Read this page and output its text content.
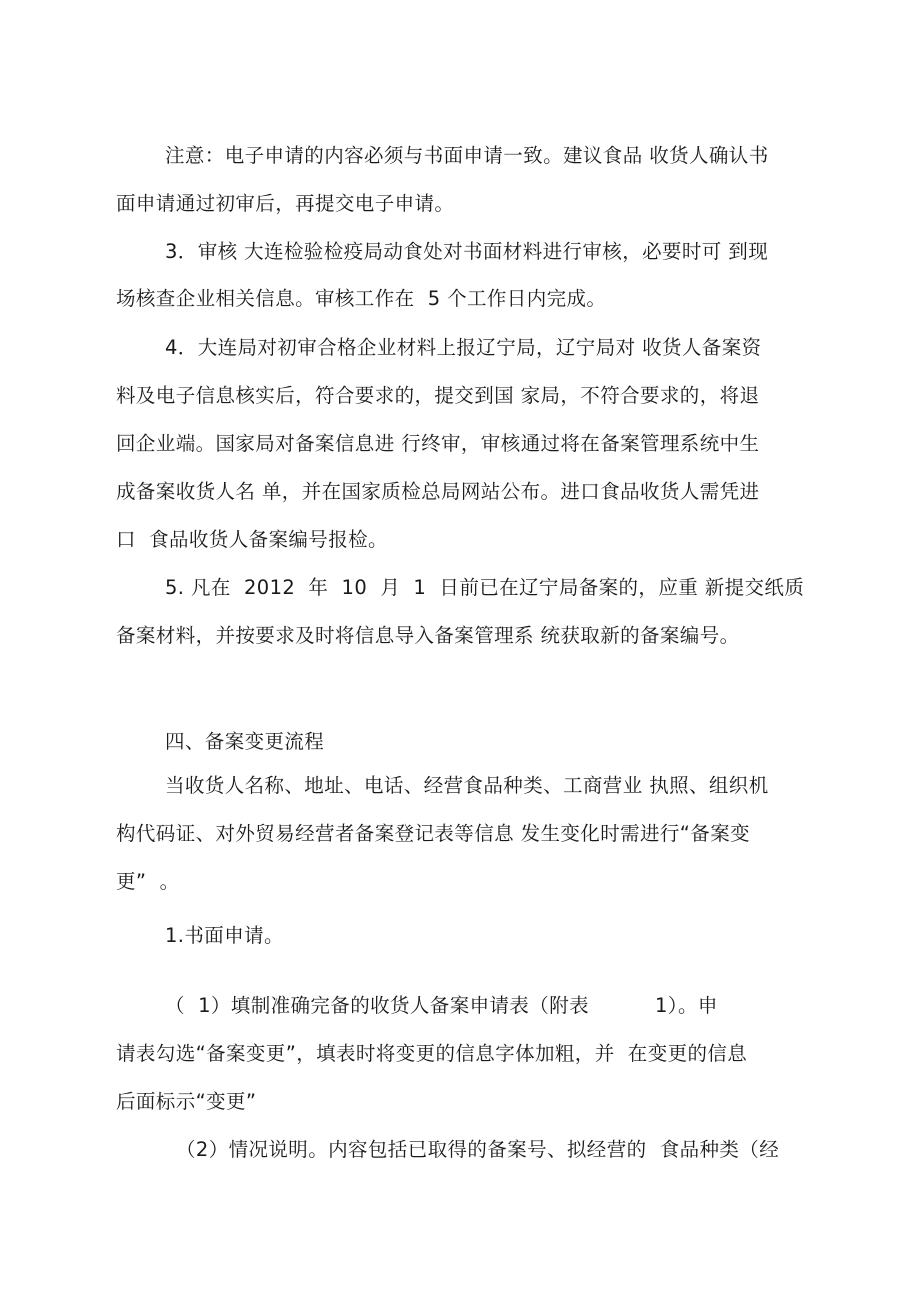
注意：电子申请的内容必须与书面申请一致。建议食品 收货人确认书
面申请通过初审后，再提交电子申请。
3．审核 大连检验检疫局动食处对书面材料进行审核，必要时可 到现
场核查企业相关信息。审核工作在  5 个工作日内完成。
4．大连局对初审合格企业材料上报辽宁局，辽宁局对 收货人备案资
料及电子信息核实后，符合要求的，提交到国 家局，不符合要求的，将退
回企业端。国家局对备案信息进 行终审，审核通过将在备案管理系统中生
成备案收货人名 单，并在国家质检总局网站公布。进口食品收货人需凭进
口  食品收货人备案编号报检。
5. 凡在  2012  年  10  月  1  日前已在辽宁局备案的，应重 新提交纸质
备案材料，并按要求及时将信息导入备案管理系 统获取新的备案编号。
四、备案变更流程
当收货人名称、地址、电话、经营食品种类、工商营业 执照、组织机
构代码证、对外贸易经营者备案登记表等信息 发生变化时需进行“备案变
更”  。
1.书面申请。
（  1）填制准确完备的收货人备案申请表（附表          1）。申
请表勾选“备案变更”，填表时将变更的信息字体加粗，并  在变更的信息
后面标示“变更”
（2）情况说明。内容包括已取得的备案号、拟经营的  食品种类（经
